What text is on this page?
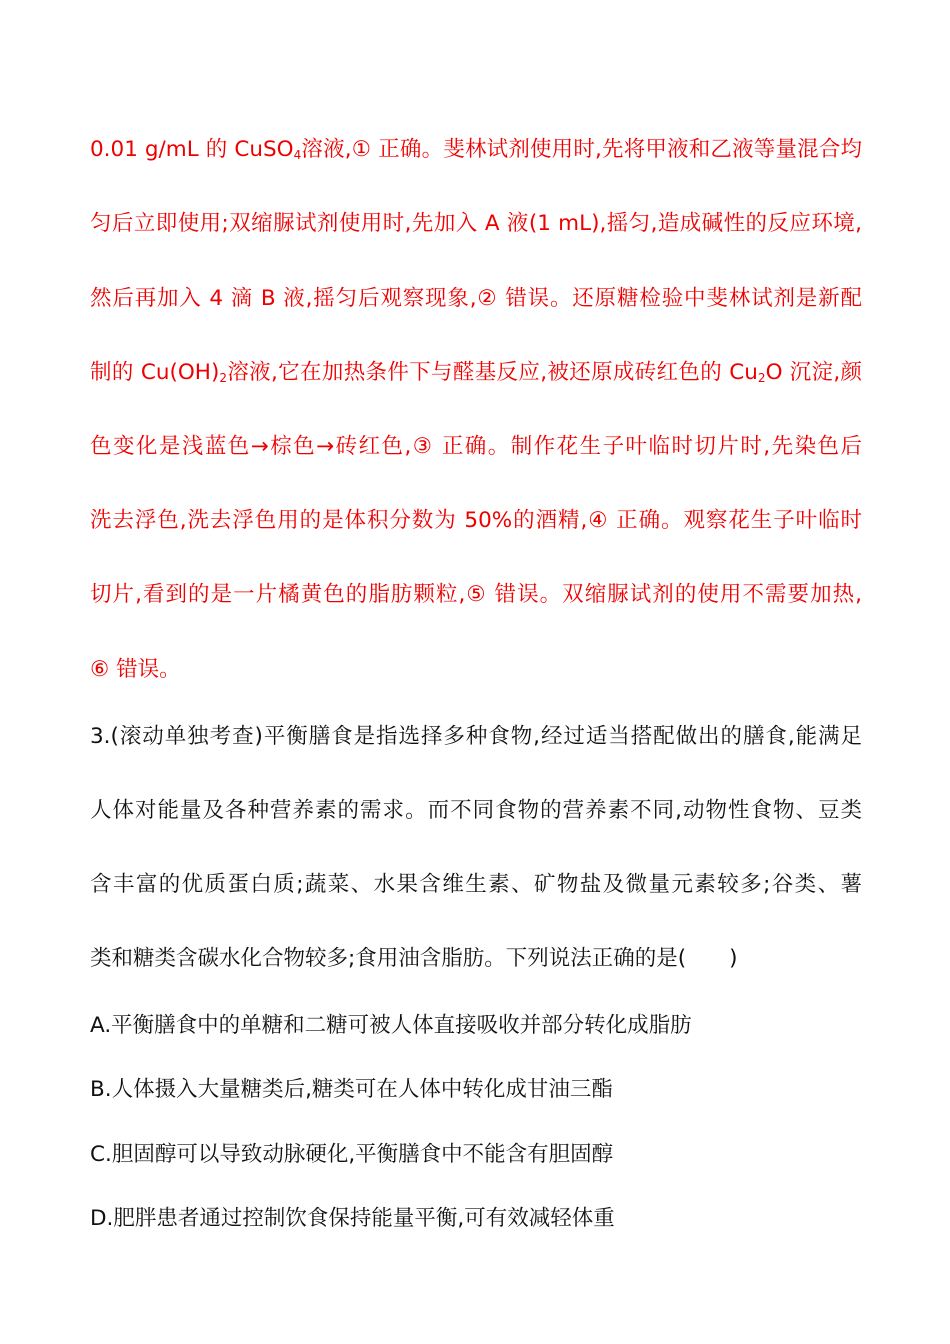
0.01 g/mL 的 CuSO$_4$溶液,① 正确。斐林试剂使用时,先将甲液和乙液等量混合均
匀后立即使用;双缩脲试剂使用时,先加入 A 液(1 mL),摇匀,造成碱性的反应环境,
然后再加入 4 滴 B 液,摇匀后观察现象,② 错误。还原糖检验中斐林试剂是新配
制的 $Cu(OH)_2$溶液,它在加热条件下与醛基反应,被还原成砖红色的 $Cu_2O$ 沉淀,颜
色变化是浅蓝色→棕色→砖红色,③ 正确。制作花生子叶临时切片时,先染色后
洗去浮色,洗去浮色用的是体积分数为 50%的酒精,④ 正确。观察花生子叶临时
切片,看到的是一片橘黄色的脂肪颗粒,⑤ 错误。双缩脲试剂的使用不需要加热,
⑥ 错误。
3.(滚动单独考查)平衡膳食是指选择多种食物,经过适当搭配做出的膳食,能满足
人体对能量及各种营养素的需求。而不同食物的营养素不同,动物性食物、豆类
含丰富的优质蛋白质;蔬菜、水果含维生素、矿物盐及微量元素较多;谷类、薯
类和糖类含碳水化合物较多;食用油含脂肪。下列说法正确的是(　　)
A.平衡膳食中的单糖和二糖可被人体直接吸收并部分转化成脂肪
B.人体摄入大量糖类后,糖类可在人体中转化成甘油三酯
C.胆固醇可以导致动脉硬化,平衡膳食中不能含有胆固醇
D.肥胖患者通过控制饮食保持能量平衡,可有效减轻体重
